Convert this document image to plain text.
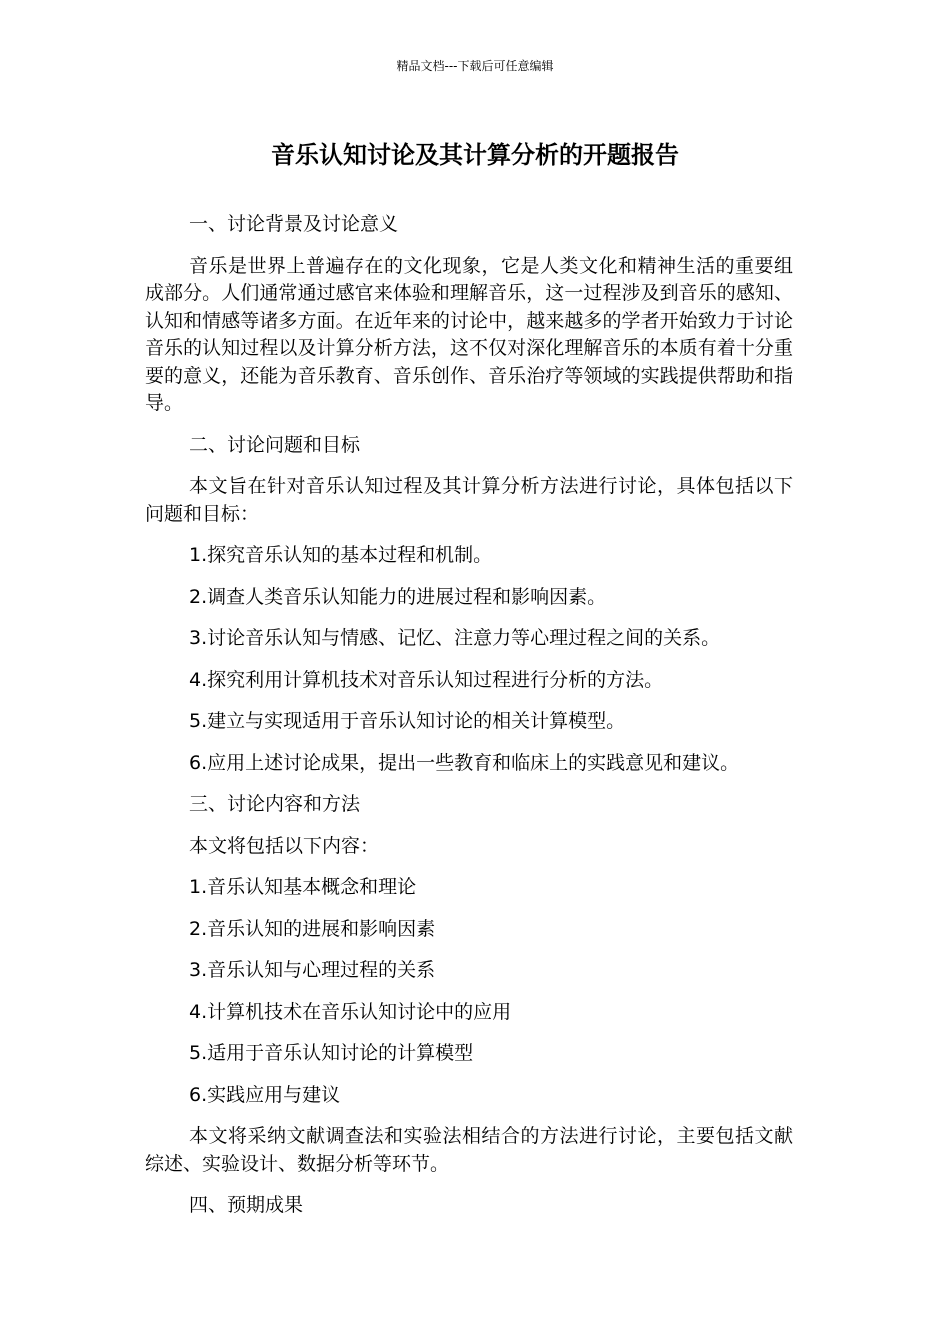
精品文档---下载后可任意编辑
音乐认知讨论及其计算分析的开题报告

一、讨论背景及讨论意义

音乐是世界上普遍存在的文化现象，它是人类文化和精神生活的重要组成部分。人们通常通过感官来体验和理解音乐，这一过程涉及到音乐的感知、认知和情感等诸多方面。在近年来的讨论中，越来越多的学者开始致力于讨论音乐的认知过程以及计算分析方法，这不仅对深化理解音乐的本质有着十分重要的意义，还能为音乐教育、音乐创作、音乐治疗等领域的实践提供帮助和指导。

二、讨论问题和目标

本文旨在针对音乐认知过程及其计算分析方法进行讨论，具体包括以下问题和目标：

1.探究音乐认知的基本过程和机制。

2.调查人类音乐认知能力的进展过程和影响因素。

3.讨论音乐认知与情感、记忆、注意力等心理过程之间的关系。

4.探究利用计算机技术对音乐认知过程进行分析的方法。

5.建立与实现适用于音乐认知讨论的相关计算模型。

6.应用上述讨论成果，提出一些教育和临床上的实践意见和建议。

三、讨论内容和方法

本文将包括以下内容：

1.音乐认知基本概念和理论

2.音乐认知的进展和影响因素

3.音乐认知与心理过程的关系

4.计算机技术在音乐认知讨论中的应用

5.适用于音乐认知讨论的计算模型

6.实践应用与建议

本文将采纳文献调查法和实验法相结合的方法进行讨论，主要包括文献综述、实验设计、数据分析等环节。

四、预期成果
